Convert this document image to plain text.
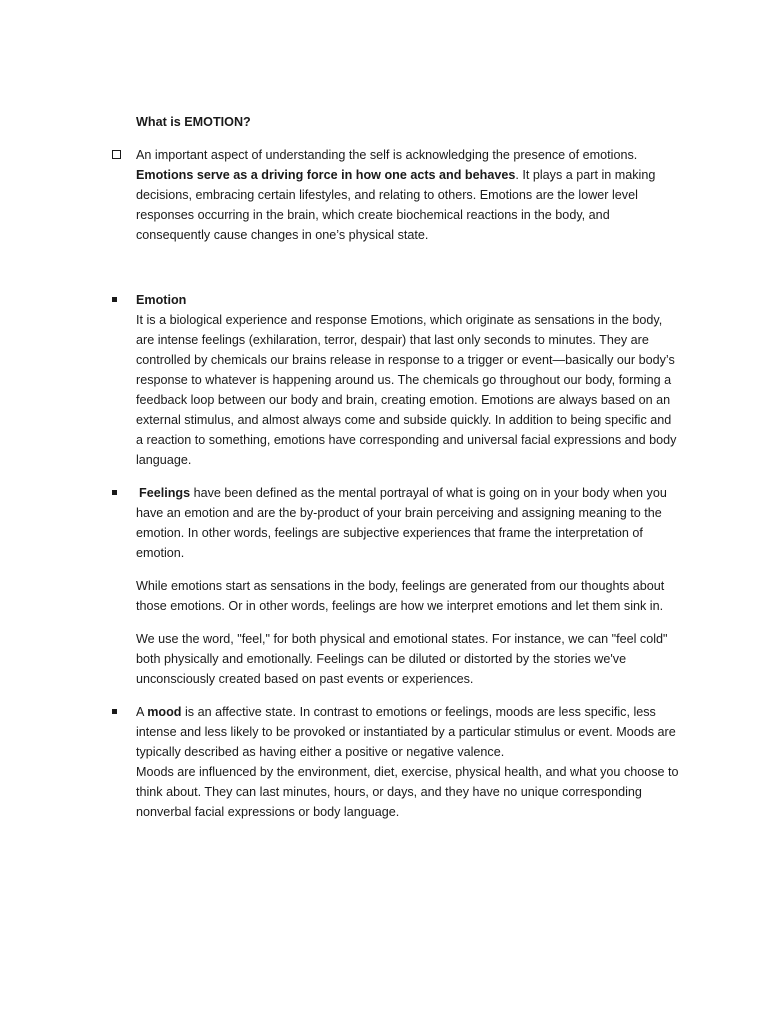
What is EMOTION?

An important aspect of understanding the self is acknowledging the presence of emotions. Emotions serve as a driving force in how one acts and behaves. It plays a part in making decisions, embracing certain lifestyles, and relating to others. Emotions are the lower level responses occurring in the brain, which create biochemical reactions in the body, and consequently cause changes in one’s physical state.

Emotion

It is a biological experience and response Emotions, which originate as sensations in the body, are intense feelings (exhilaration, terror, despair) that last only seconds to minutes. They are controlled by chemicals our brains release in response to a trigger or event—basically our body’s response to whatever is happening around us. The chemicals go throughout our body, forming a feedback loop between our body and brain, creating emotion. Emotions are always based on an external stimulus, and almost always come and subside quickly. In addition to being specific and a reaction to something, emotions have corresponding and universal facial expressions and body language.

Feelings have been defined as the mental portrayal of what is going on in your body when you have an emotion and are the by-product of your brain perceiving and assigning meaning to the emotion. In other words, feelings are subjective experiences that frame the interpretation of emotion.

While emotions start as sensations in the body, feelings are generated from our thoughts about those emotions. Or in other words, feelings are how we interpret emotions and let them sink in.

We use the word, "feel," for both physical and emotional states. For instance, we can "feel cold" both physically and emotionally. Feelings can be diluted or distorted by the stories we've unconsciously created based on past events or experiences.

A mood is an affective state. In contrast to emotions or feelings, moods are less specific, less intense and less likely to be provoked or instantiated by a particular stimulus or event. Moods are typically described as having either a positive or negative valence.

Moods are influenced by the environment, diet, exercise, physical health, and what you choose to think about. They can last minutes, hours, or days, and they have no unique corresponding nonverbal facial expressions or body language.
